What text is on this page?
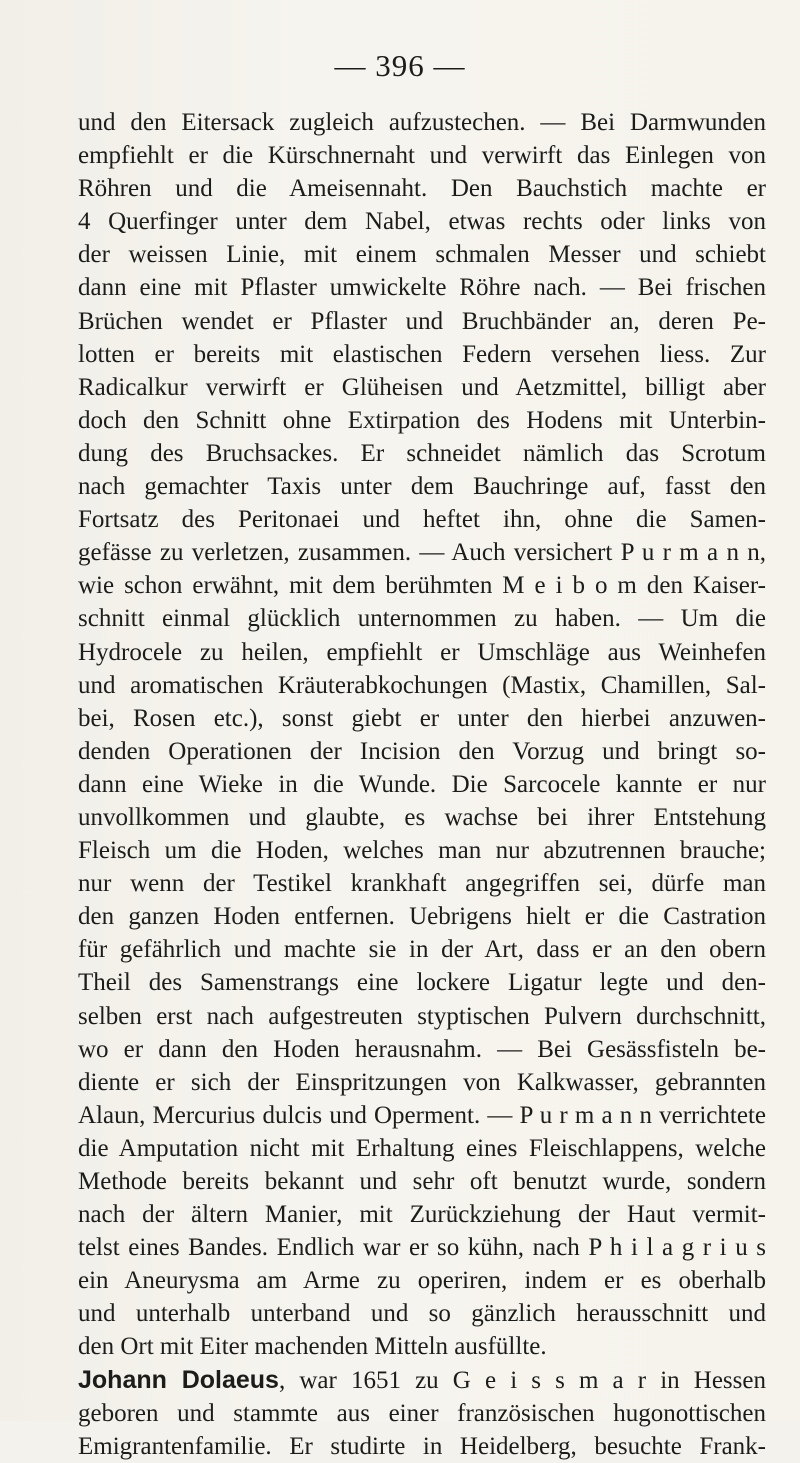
— 396 —
und den Eitersack zugleich aufzustechen. — Bei Darmwunden
empfiehlt er die Kürschnernaht und verwirft das Einlegen von
Röhren und die Ameisennaht. Den Bauchstich machte er
4 Querfinger unter dem Nabel, etwas rechts oder links von
der weissen Linie, mit einem schmalen Messer und schiebt
dann eine mit Pflaster umwickelte Röhre nach. — Bei frischen
Brüchen wendet er Pflaster und Bruchbänder an, deren Pe-
lotten er bereits mit elastischen Federn versehen liess. Zur
Radicalkur verwirft er Glüheisen und Aetzmittel, billigt aber
doch den Schnitt ohne Extirpation des Hodens mit Unterbin-
dung des Bruchsackes. Er schneidet nämlich das Scrotum
nach gemachter Taxis unter dem Bauchringe auf, fasst den
Fortsatz des Peritonaei und heftet ihn, ohne die Samen-
gefässe zu verletzen, zusammen. — Auch versichert P u r m a n n,
wie schon erwähnt, mit dem berühmten M e i b o m den Kaiser-
schnitt einmal glücklich unternommen zu haben. — Um die
Hydrocele zu heilen, empfiehlt er Umschläge aus Weinhefen
und aromatischen Kräuterabkochungen (Mastix, Chamillen, Sal-
bei, Rosen etc.), sonst giebt er unter den hierbei anzuwen-
denden Operationen der Incision den Vorzug und bringt so-
dann eine Wieke in die Wunde. Die Sarcocele kannte er nur
unvollkommen und glaubte, es wachse bei ihrer Entstehung
Fleisch um die Hoden, welches man nur abzutrennen brauche;
nur wenn der Testikel krankhaft angegriffen sei, dürfe man
den ganzen Hoden entfernen. Uebrigens hielt er die Castration
für gefährlich und machte sie in der Art, dass er an den obern
Theil des Samenstrangs eine lockere Ligatur legte und den-
selben erst nach aufgestreuten styptischen Pulvern durchschnitt,
wo er dann den Hoden herausnahm. — Bei Gesässfisteln be-
diente er sich der Einspritzungen von Kalkwasser, gebrannten
Alaun, Mercurius dulcis und Operment. — P u r m a n n verrichtete
die Amputation nicht mit Erhaltung eines Fleischlappens, welche
Methode bereits bekannt und sehr oft benutzt wurde, sondern
nach der ältern Manier, mit Zurückziehung der Haut vermit-
telst eines Bandes. Endlich war er so kühn, nach P h i l a g r i u s
ein Aneurysma am Arme zu operiren, indem er es oberhalb
und unterhalb unterband und so gänzlich herausschnitt und
den Ort mit Eiter machenden Mitteln ausfüllte.
Johann Dolaeus, war 1651 zu G e i s s m a r in Hessen
geboren und stammte aus einer französischen hugonottischen
Emigrantenfamilie. Er studirte in Heidelberg, besuchte Frank-
